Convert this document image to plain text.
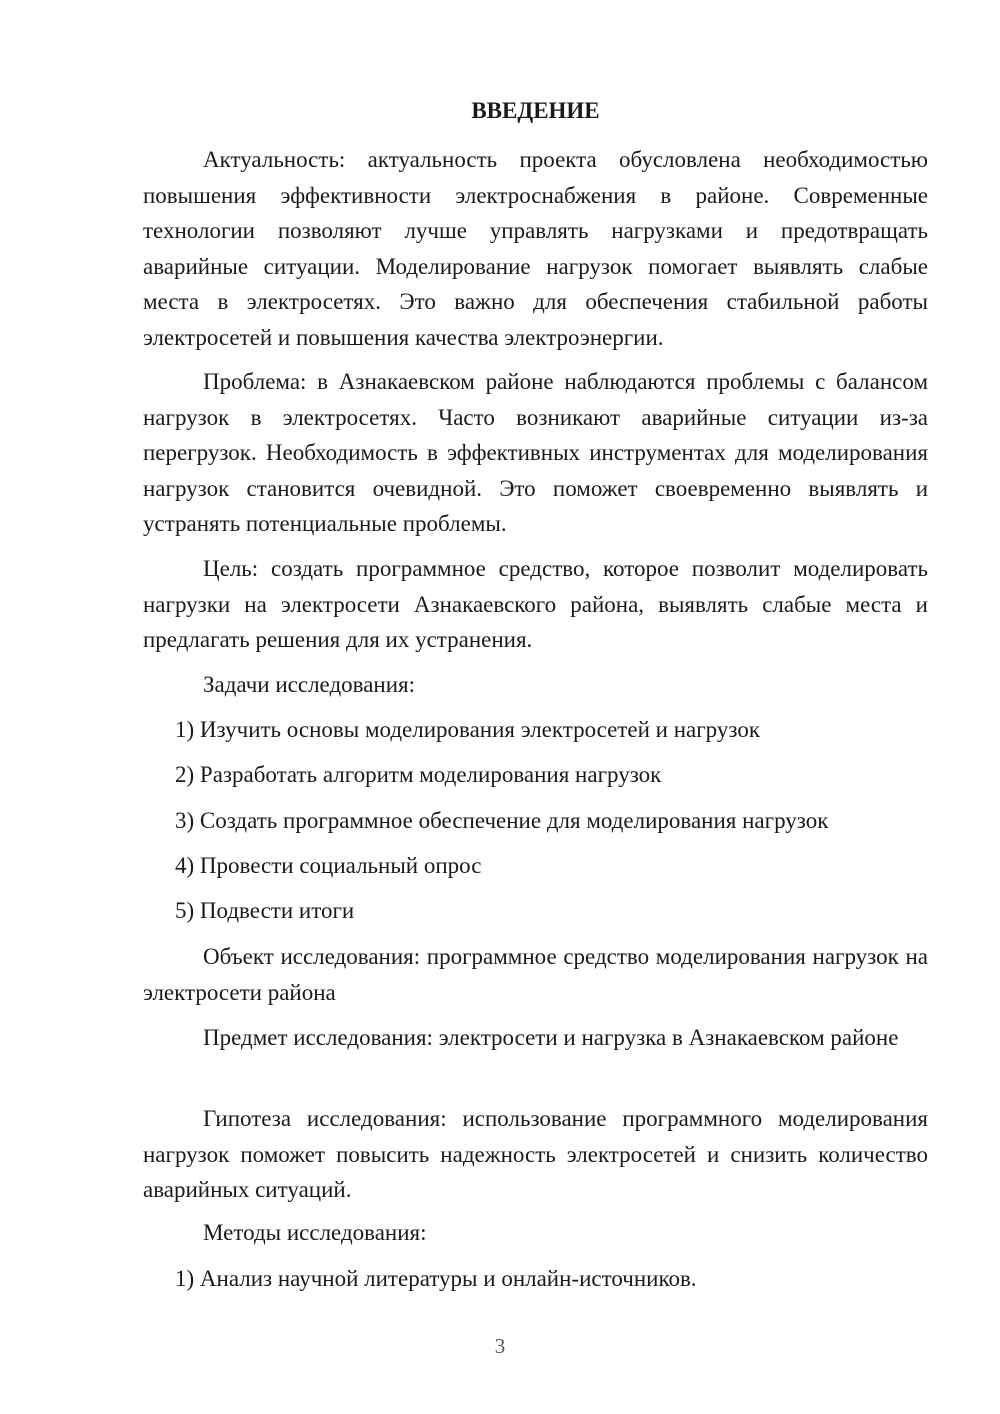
ВВЕДЕНИЕ

Актуальность: актуальность проекта обусловлена необходимостью повышения эффективности электроснабжения в районе. Современные технологии позволяют лучше управлять нагрузками и предотвращать аварийные ситуации. Моделирование нагрузок помогает выявлять слабые места в электросетях. Это важно для обеспечения стабильной работы электросетей и повышения качества электроэнергии.

Проблема: в Азнакаевском районе наблюдаются проблемы с балансом нагрузок в электросетях. Часто возникают аварийные ситуации из-за перегрузок. Необходимость в эффективных инструментах для моделирования нагрузок становится очевидной. Это поможет своевременно выявлять и устранять потенциальные проблемы.

Цель: создать программное средство, которое позволит моделировать нагрузки на электросети Азнакаевского района, выявлять слабые места и предлагать решения для их устранения.

Задачи исследования:

1) Изучить основы моделирования электросетей и нагрузок

2) Разработать алгоритм моделирования нагрузок

3) Создать программное обеспечение для моделирования нагрузок

4) Провести социальный опрос

5) Подвести итоги

Объект исследования: программное средство моделирования нагрузок на электросети района

Предмет исследования: электросети и нагрузка в Азнакаевском районе

Гипотеза исследования: использование программного моделирования нагрузок поможет повысить надежность электросетей и снизить количество аварийных ситуаций.

Методы исследования:

1) Анализ научной литературы и онлайн-источников.

3
